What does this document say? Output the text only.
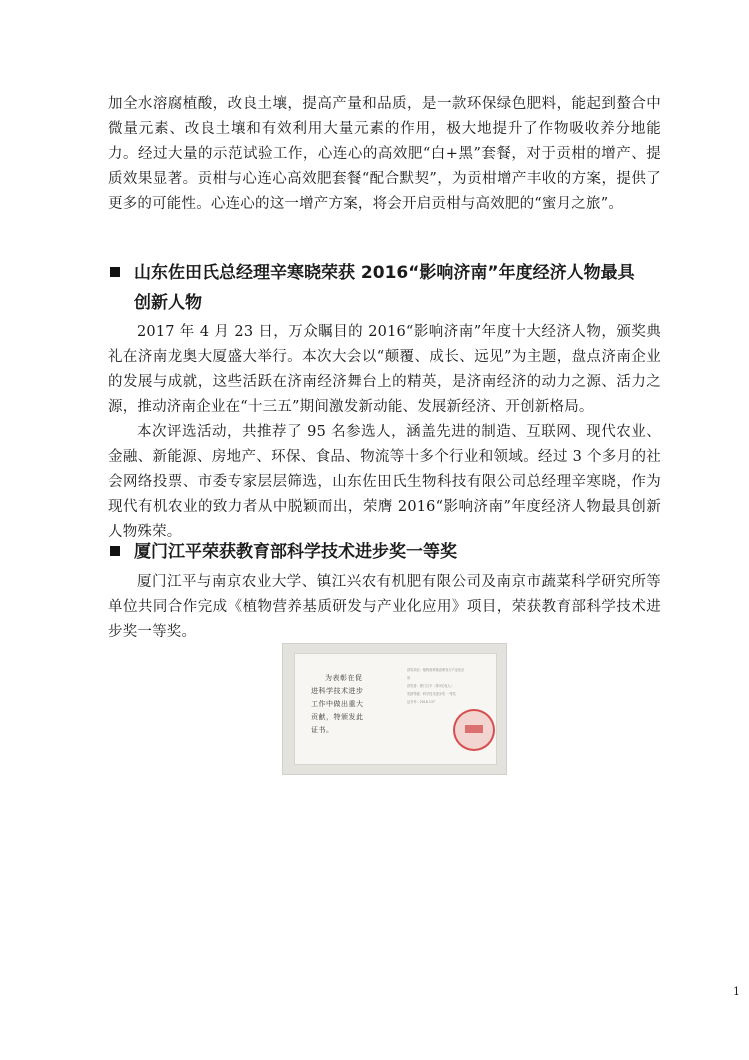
加全水溶腐植酸，改良土壤，提高产量和品质，是一款环保绿色肥料，能起到螯合中微量元素、改良土壤和有效利用大量元素的作用，极大地提升了作物吸收养分地能力。经过大量的示范试验工作，心连心的高效肥“白+黑”套餐，对于贡柑的增产、提质效果显著。贡柑与心连心高效肥套餐“配合默契”，为贡柑增产丰收的方案，提供了更多的可能性。心连心的这一增产方案，将会开启贡柑与高效肥的“蜜月之旅”。

山东佐田氏总经理辛寒晓荣获 2016“影响济南”年度经济人物最具
创新人物

2017 年 4 月 23 日，万众瞩目的 2016“影响济南”年度十大经济人物，颁奖典礼在济南龙奥大厦盛大举行。本次大会以“颠覆、成长、远见”为主题，盘点济南企业的发展与成就，这些活跃在济南经济舞台上的精英，是济南经济的动力之源、活力之源，推动济南企业在“十三五”期间激发新动能、发展新经济、开创新格局。

本次评选活动，共推荐了 95 名参选人，涵盖先进的制造、互联网、现代农业、金融、新能源、房地产、环保、食品、物流等十多个行业和领域。经过 3 个多月的社会网络投票、市委专家层层筛选，山东佐田氏生物科技有限公司总经理辛寒晓，作为现代有机农业的致力者从中脱颖而出，荣膺 2016“影响济南”年度经济人物最具创新人物殊荣。

厦门江平荣获教育部科学技术进步奖一等奖

厦门江平与南京农业大学、镇江兴农有机肥有限公司及南京市蔬菜科学研究所等单位共同合作完成《植物营养基质研发与产业化应用》项目，荣获教育部科学技术进步奖一等奖。

为表彰在促
进科学技术进步
工作中做出重大
贡献，特颁发此
证书。
获奖项目：植物营养基质研发与产业化应
用
获奖者：厦门江平（第3完成人）
奖励等级：科学技术进步奖 一等奖
证书号：2016 137
1
